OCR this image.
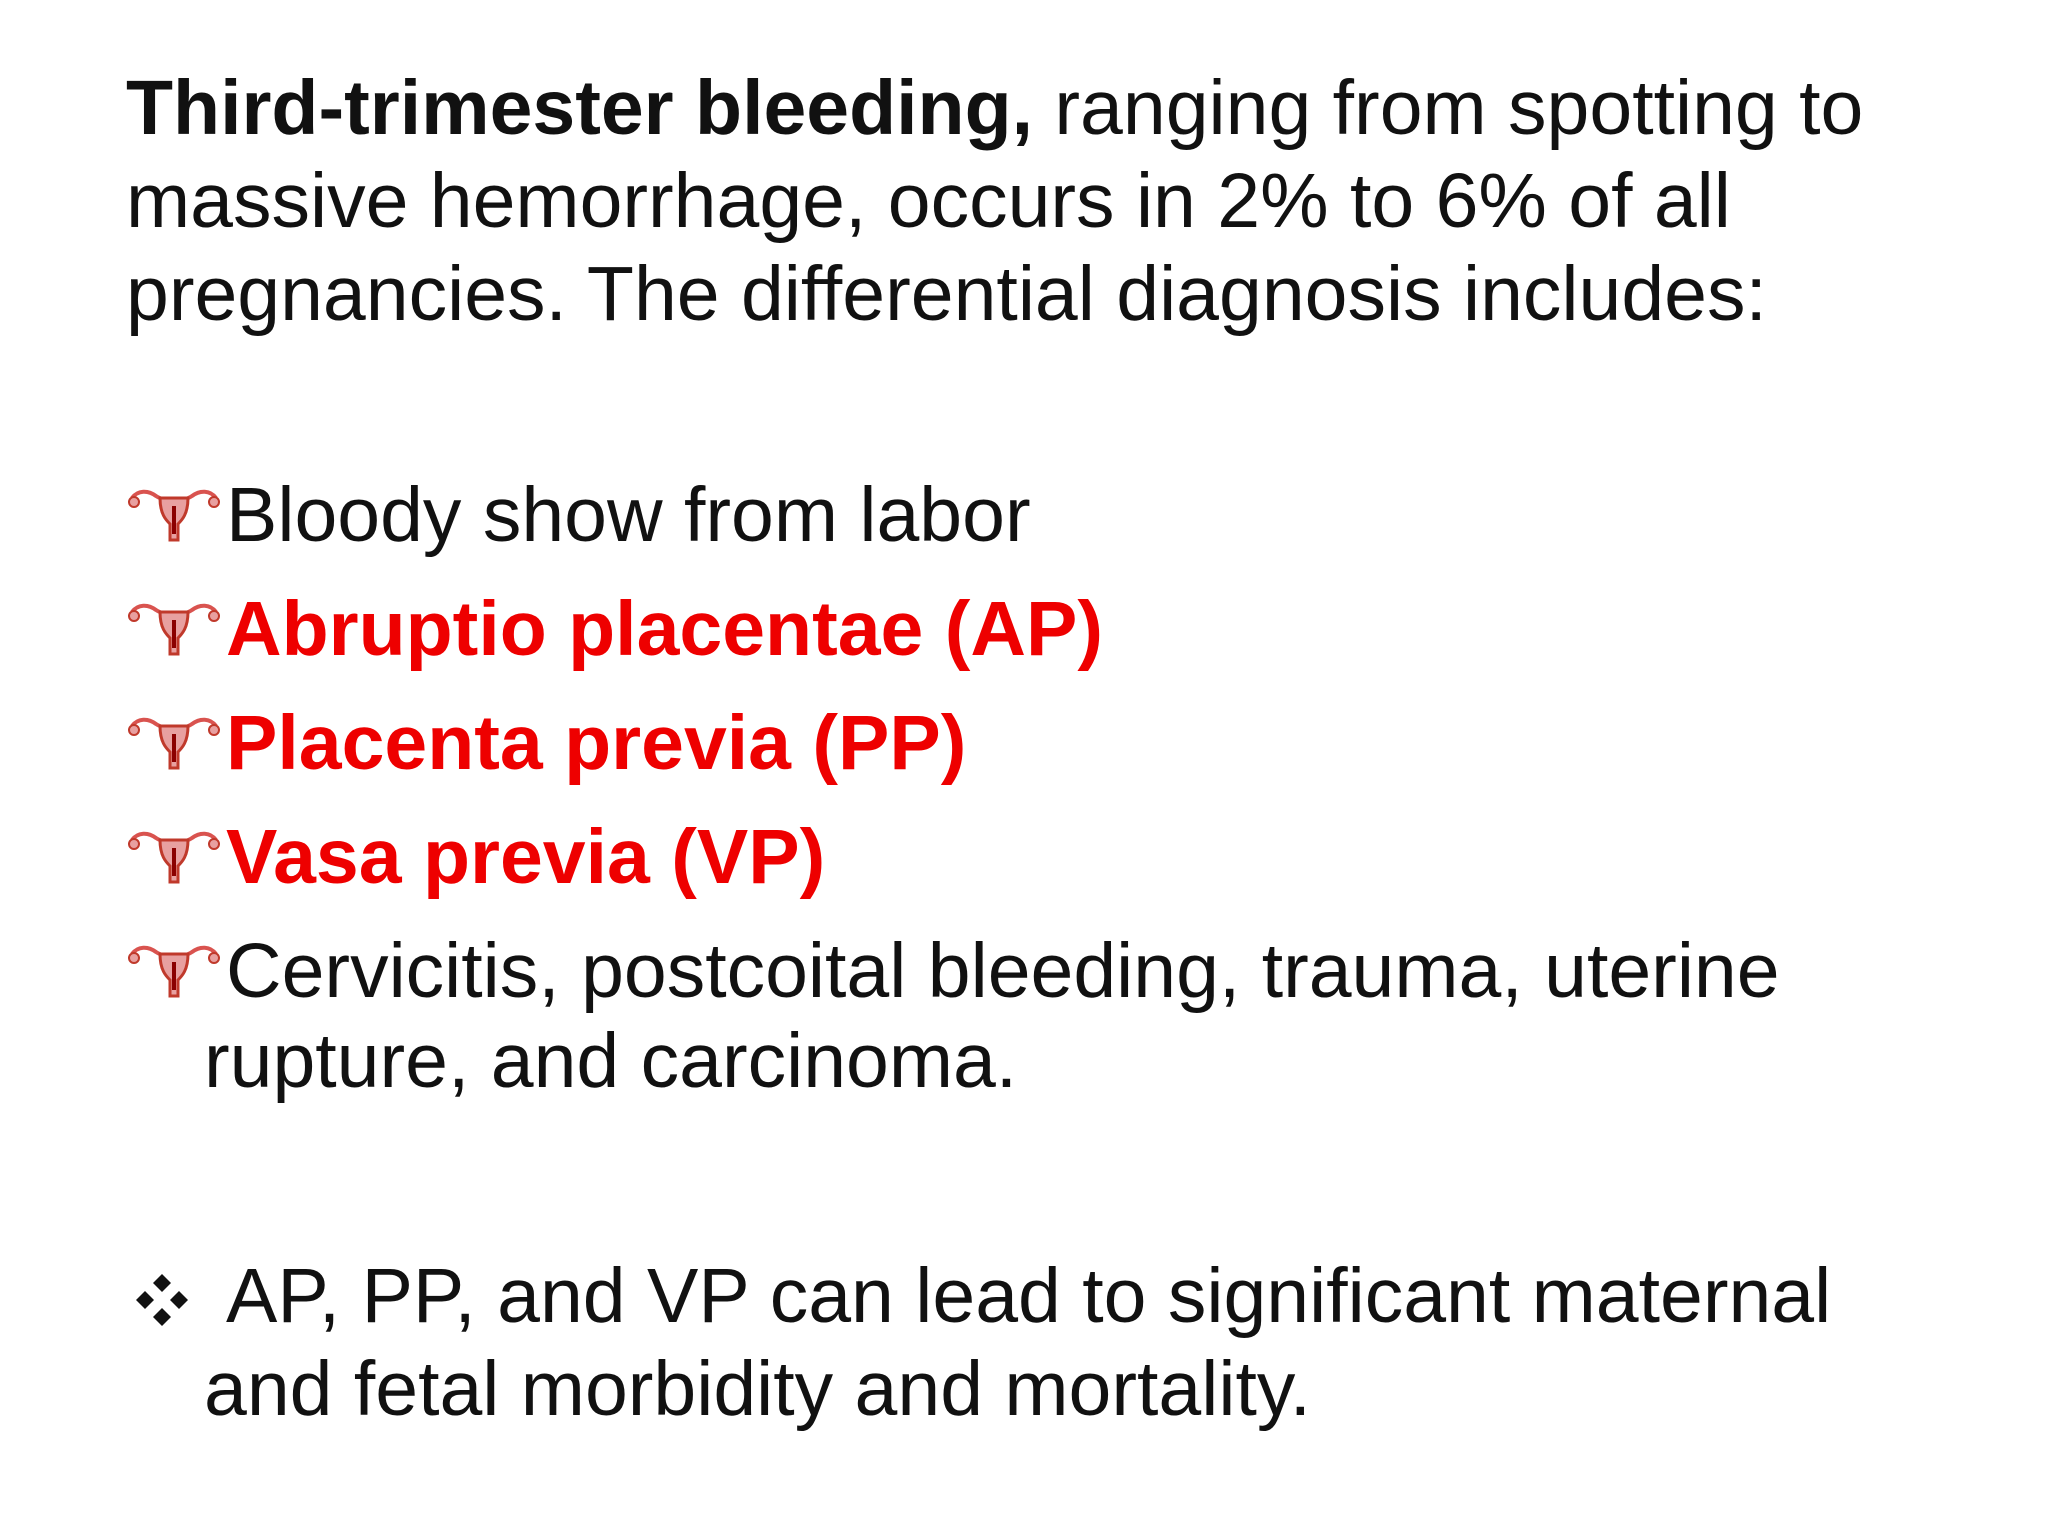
Third-trimester bleeding, ranging from spotting to massive hemorrhage, occurs in 2% to 6% of all pregnancies. The differential diagnosis includes:

Bloody show from labor
Abruptio placentae (AP)
Placenta previa (PP)
Vasa previa (VP)
Cervicitis, postcoital bleeding, trauma, uterine
rupture, and carcinoma.
AP, PP, and VP can lead to significant maternal
and fetal morbidity and mortality.
